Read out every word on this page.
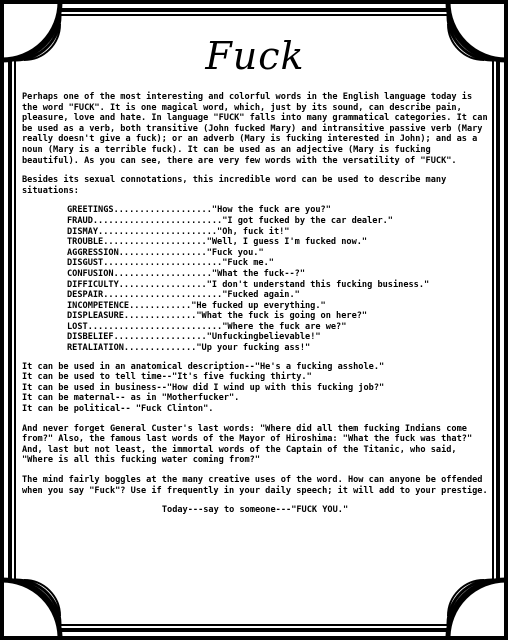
Fuck

Perhaps one of the most interesting and colorful words in the English language today is the word "FUCK". It is one magical word, which, just by its sound, can describe pain, pleasure, love and hate. In language "FUCK" falls into many grammatical categories. It can be used as a verb, both transitive (John fucked Mary) and intransitive passive verb (Mary really doesn't give a fuck); or an adverb (Mary is fucking interested in John); and as a noun (Mary is a terrible fuck). It can be used as an adjective (Mary is fucking beautiful). As you can see, there are very few words with the versatility of "FUCK".

Besides its sexual connotations, this incredible word can be used to describe many situations:

GREETINGS..................."How the fuck are you?"
FRAUD........................."I got fucked by the car dealer."
DISMAY......................."Oh, fuck it!"
TROUBLE...................."Well, I guess I'm fucked now."
AGGRESSION................."Fuck you."
DISGUST......................."Fuck me."
CONFUSION..................."What the fuck--?"
DIFFICULTY................."I don't understand this fucking business."
DESPAIR......................."Fucked again."
INCOMPETENCE............"He fucked up everything."
DISPLEASURE.............."What the fuck is going on here?"
LOST.........................."Where the fuck are we?"
DISBELIEF.................."Unfuckingbelievable!"
RETALIATION.............."Up your fucking ass!"
It can be used in an anatomical description--"He's a fucking asshole."
It can be used to tell time--"It's five fucking thirty."
It can be used in business--"How did I wind up with this fucking job?"
It can be maternal-- as in "Motherfucker".
It can be political-- "Fuck Clinton".

And never forget General Custer's last words: "Where did all them fucking Indians come from?" Also, the famous last words of the Mayor of Hiroshima: "What the fuck was that?" And, last but not least, the immortal words of the Captain of the Titanic, who said, "Where is all this fucking water coming from?"

The mind fairly boggles at the many creative uses of the word. How can anyone be offended when you say "Fuck"? Use if frequently in your daily speech; it will add to your prestige.

Today---say to someone---"FUCK YOU."
